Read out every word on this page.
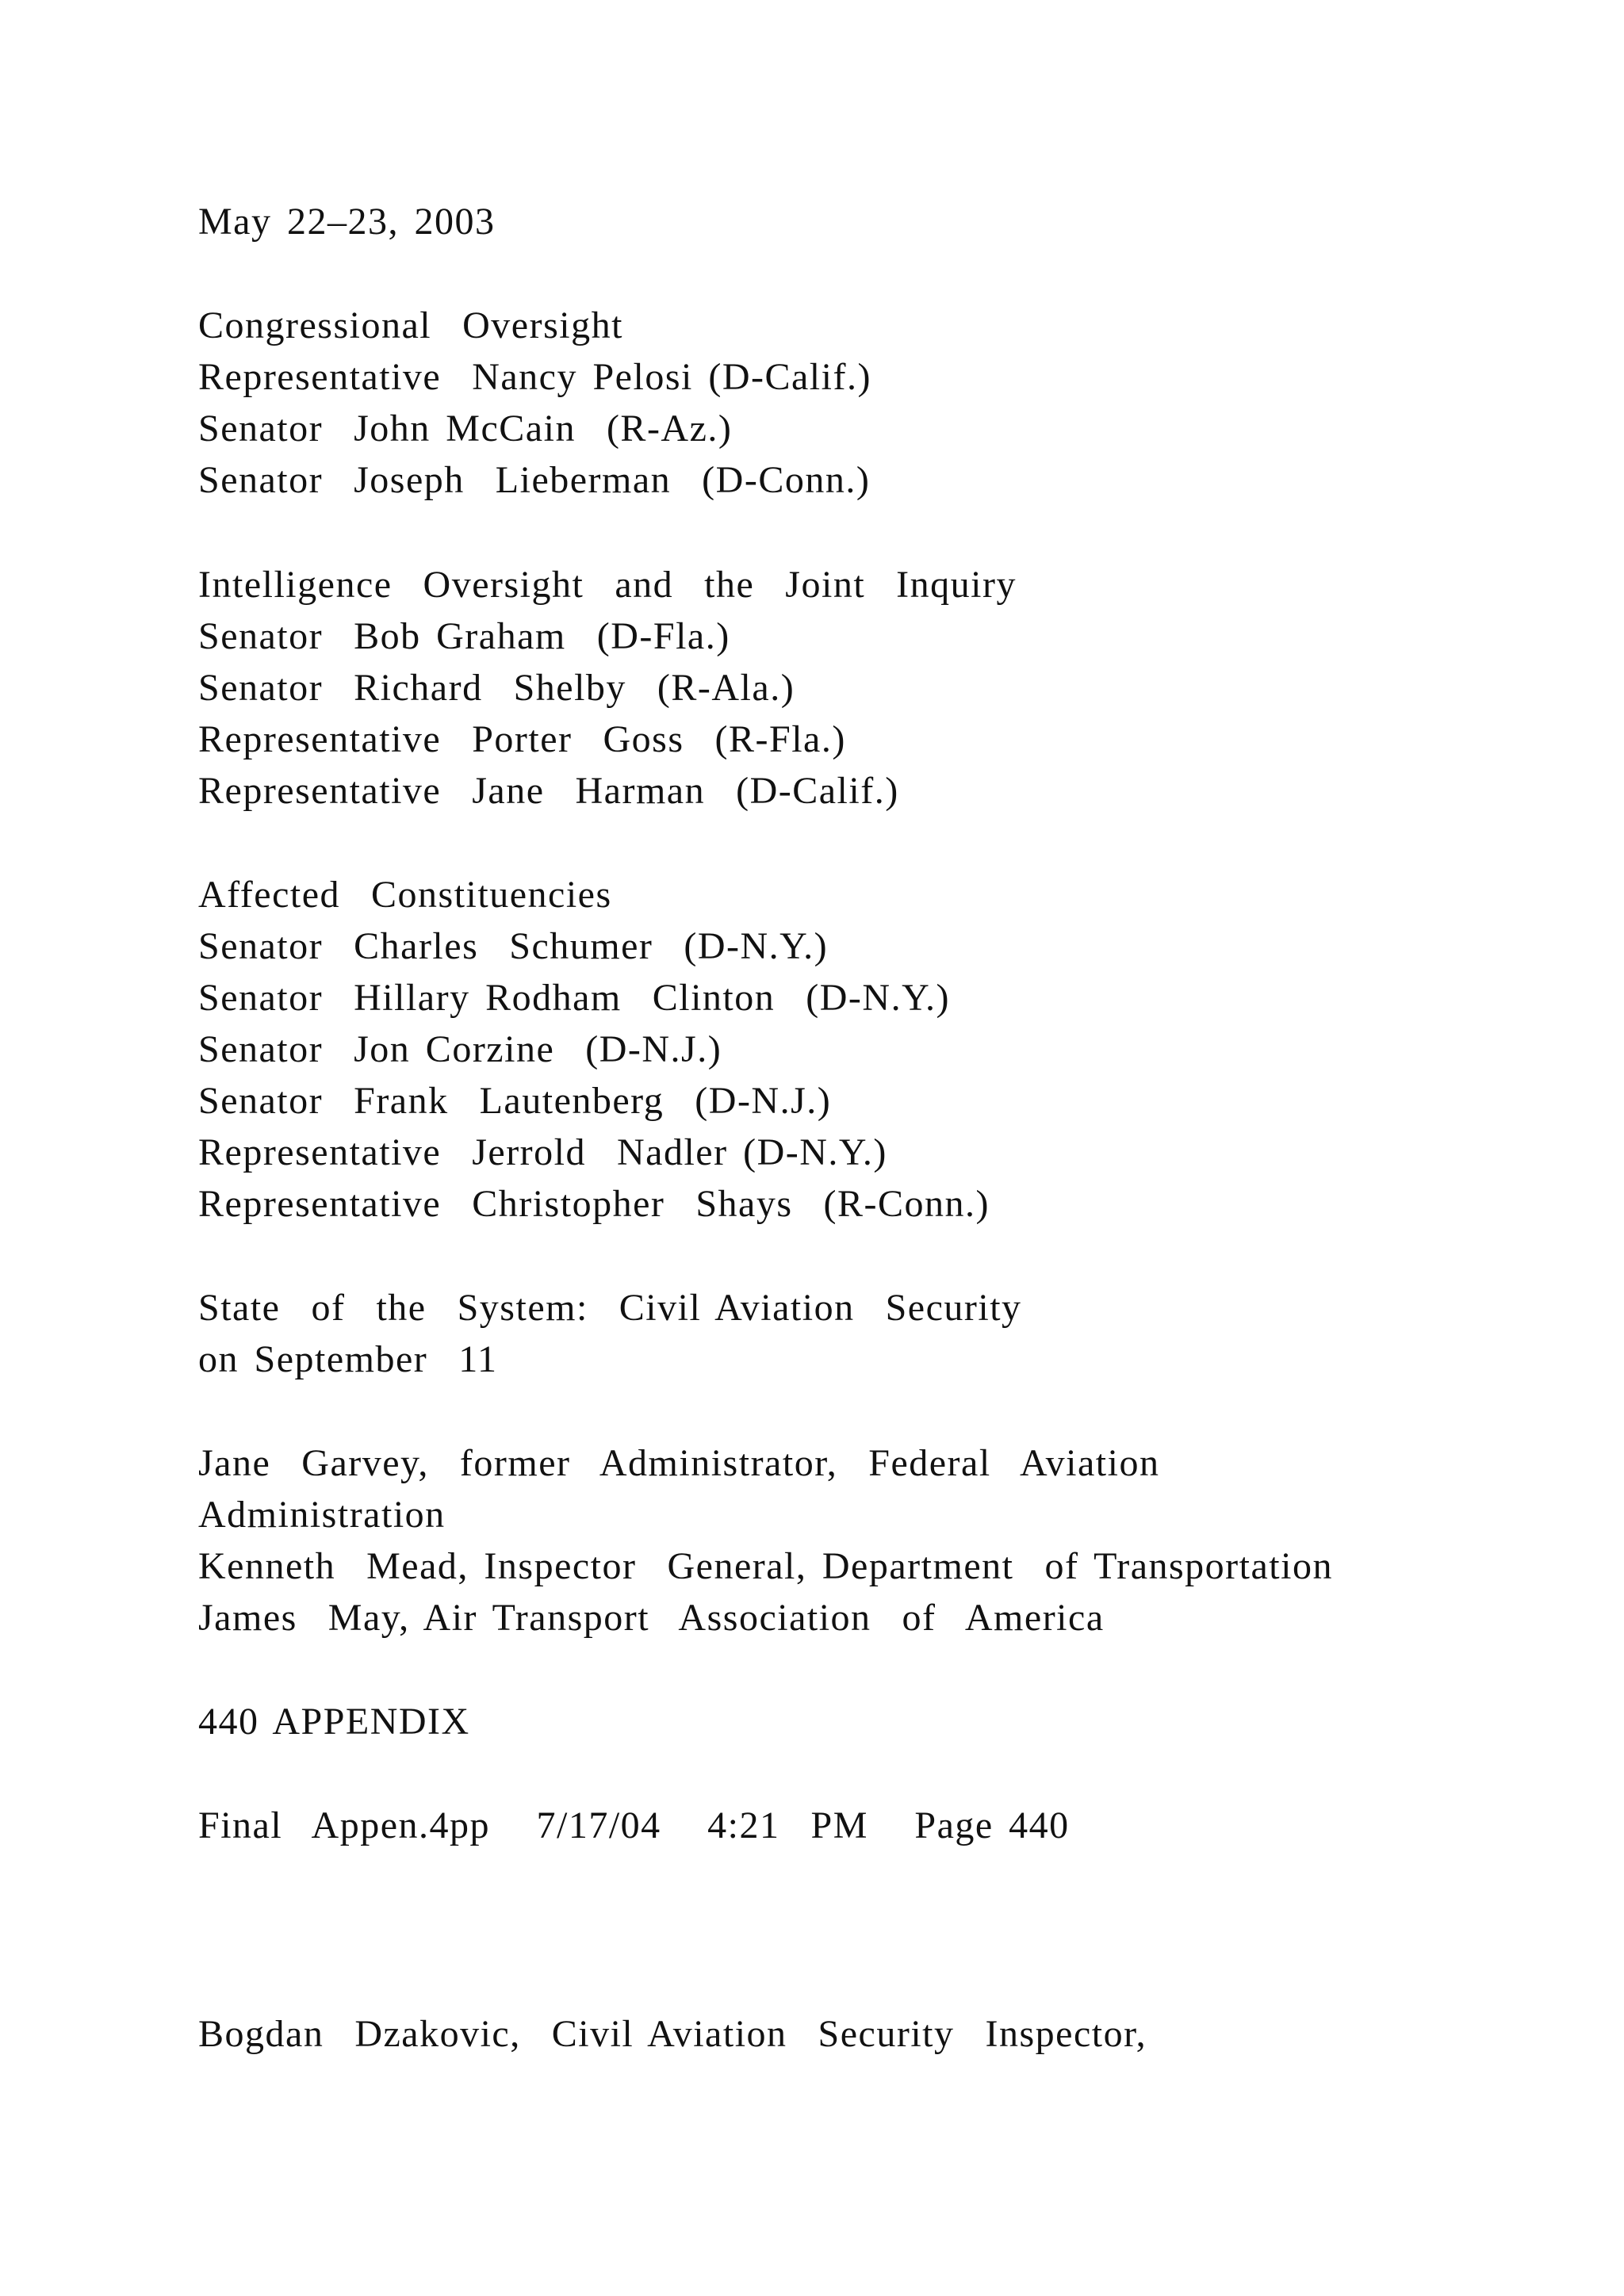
May 22–23, 2003
Congressional  Oversight
Representative  Nancy Pelosi (D-Calif.)
Senator  John McCain  (R-Az.)
Senator  Joseph  Lieberman  (D-Conn.)
Intelligence  Oversight  and  the  Joint  Inquiry
Senator  Bob Graham  (D-Fla.)
Senator  Richard  Shelby  (R-Ala.)
Representative  Porter  Goss  (R-Fla.)
Representative  Jane  Harman  (D-Calif.)
Affected  Constituencies
Senator  Charles  Schumer  (D-N.Y.)
Senator  Hillary Rodham  Clinton  (D-N.Y.)
Senator  Jon Corzine  (D-N.J.)
Senator  Frank  Lautenberg  (D-N.J.)
Representative  Jerrold  Nadler (D-N.Y.)
Representative  Christopher  Shays  (R-Conn.)
State  of  the  System:  Civil Aviation  Security
on September  11
Jane  Garvey,  former  Administrator,  Federal  Aviation
Administration
Kenneth  Mead, Inspector  General, Department  of Transportation
James  May, Air Transport  Association  of  America
440 APPENDIX
Final  Appen.4pp   7/17/04   4:21  PM   Page 440
Bogdan  Dzakovic,  Civil Aviation  Security  Inspector,
